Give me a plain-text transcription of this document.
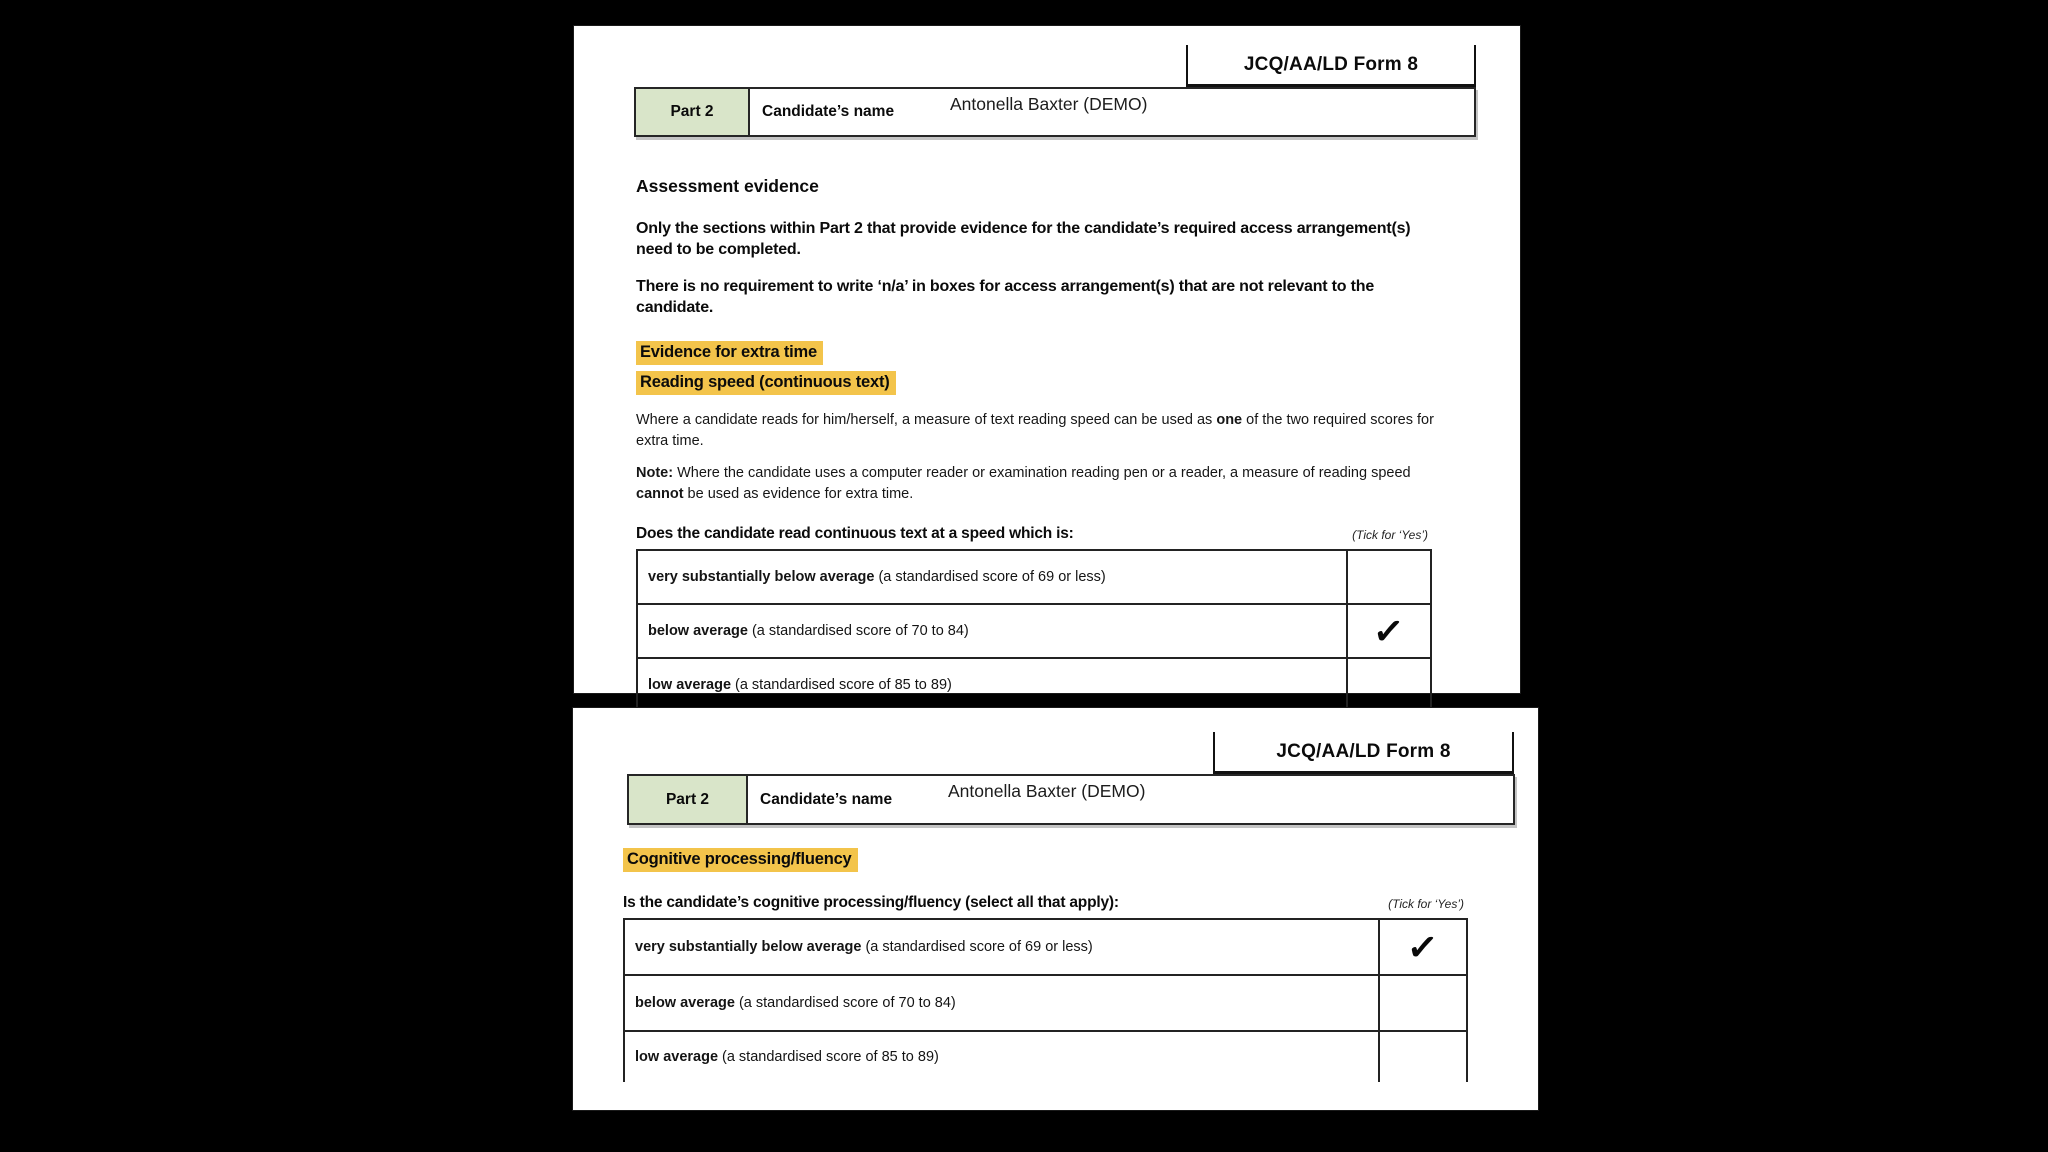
JCQ/AA/LD Form 8
Part 2	Candidate’s name	Antonella Baxter (DEMO)
Assessment evidence

Only the sections within Part 2 that provide evidence for the candidate’s required access arrangement(s) need to be completed.

There is no requirement to write ‘n/a’ in boxes for access arrangement(s) that are not relevant to the candidate.

Evidence for extra time
Reading speed (continuous text)

Where a candidate reads for him/herself, a measure of text reading speed can be used as one of the two required scores for extra time.

Note: Where the candidate uses a computer reader or examination reading pen or a reader, a measure of reading speed cannot be used as evidence for extra time.

Does the candidate read continuous text at a speed which is:	(Tick for ‘Yes’)
very substantially below average (a standardised score of 69 or less)
below average (a standardised score of 70 to 84)	✓
low average (a standardised score of 85 to 89)
JCQ/AA/LD Form 8
Part 2	Candidate’s name	Antonella Baxter (DEMO)
Cognitive processing/fluency
Is the candidate’s cognitive processing/fluency (select all that apply):	(Tick for ‘Yes’)
very substantially below average (a standardised score of 69 or less)	✓
below average (a standardised score of 70 to 84)
low average (a standardised score of 85 to 89)
